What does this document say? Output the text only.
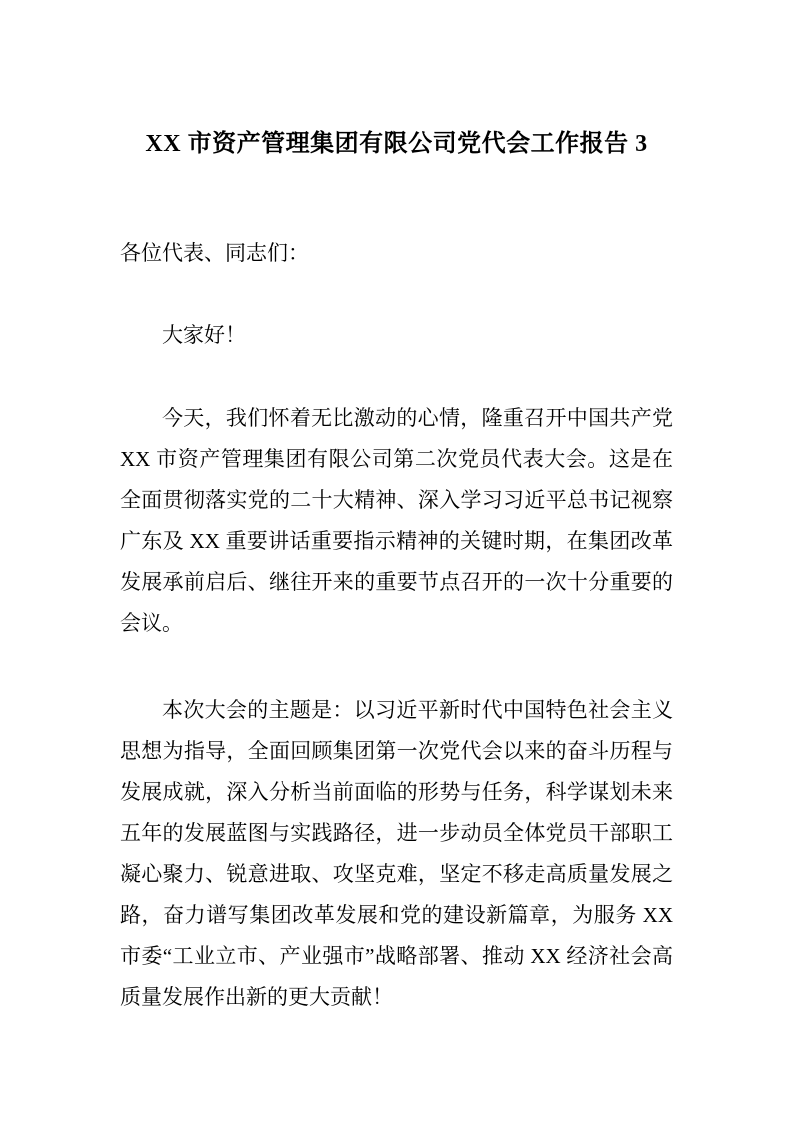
XX 市资产管理集团有限公司党代会工作报告 3

各位代表、同志们：

大家好！

今天，我们怀着无比激动的心情，隆重召开中国共产党 XX 市资产管理集团有限公司第二次党员代表大会。这是在全面贯彻落实党的二十大精神、深入学习习近平总书记视察广东及 XX 重要讲话重要指示精神的关键时期，在集团改革发展承前启后、继往开来的重要节点召开的一次十分重要的会议。

本次大会的主题是：以习近平新时代中国特色社会主义思想为指导，全面回顾集团第一次党代会以来的奋斗历程与发展成就，深入分析当前面临的形势与任务，科学谋划未来五年的发展蓝图与实践路径，进一步动员全体党员干部职工凝心聚力、锐意进取、攻坚克难，坚定不移走高质量发展之路，奋力谱写集团改革发展和党的建设新篇章，为服务 XX 市委“工业立市、产业强市”战略部署、推动 XX 经济社会高质量发展作出新的更大贡献！
